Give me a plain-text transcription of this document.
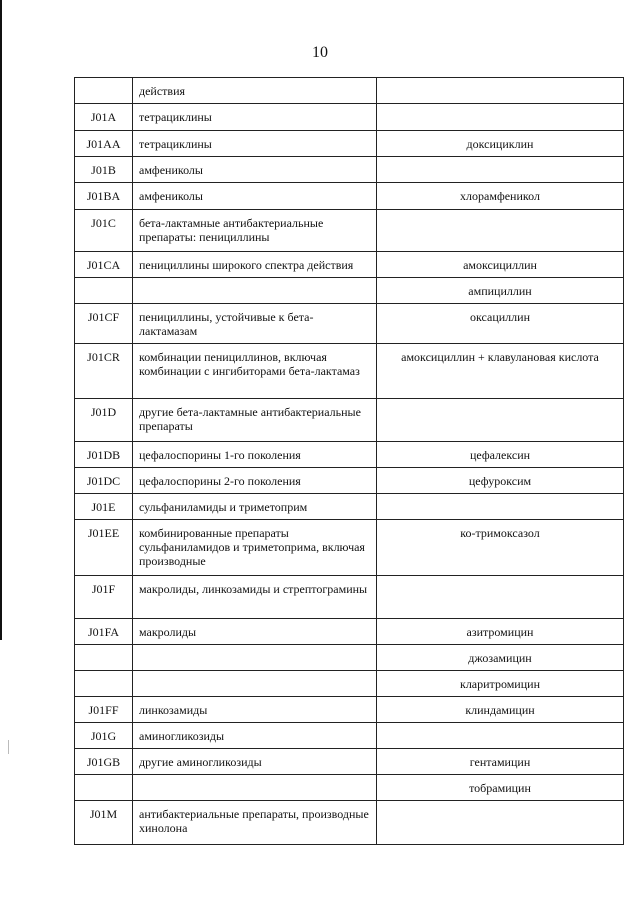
10
	действия	
J01A	тетрациклины	
J01AA	тетрациклины	доксициклин
J01B	амфениколы	
J01BA	амфениколы	хлорамфеникол
J01C	бета-лактамные антибактериальные препараты: пенициллины	
J01CA	пенициллины широкого спектра действия	амоксициллин
		ампициллин
J01CF	пенициллины, устойчивые к бета-лактамазам	оксациллин
J01CR	комбинации пенициллинов, включая комбинации с ингибиторами бета-лактамаз	амоксициллин + клавулановая кислота
J01D	другие бета-лактамные антибактериальные препараты	
J01DB	цефалоспорины 1-го поколения	цефалексин
J01DC	цефалоспорины 2-го поколения	цефуроксим
J01E	сульфаниламиды и триметоприм	
J01EE	комбинированные препараты сульфаниламидов и триметоприма, включая производные	ко-тримоксазол
J01F	макролиды, линкозамиды и стрептограмины	
J01FA	макролиды	азитромицин
		джозамицин
		кларитромицин
J01FF	линкозамиды	клиндамицин
J01G	аминогликозиды	
J01GB	другие аминогликозиды	гентамицин
		тобрамицин
J01M	антибактериальные препараты, производные хинолона	
